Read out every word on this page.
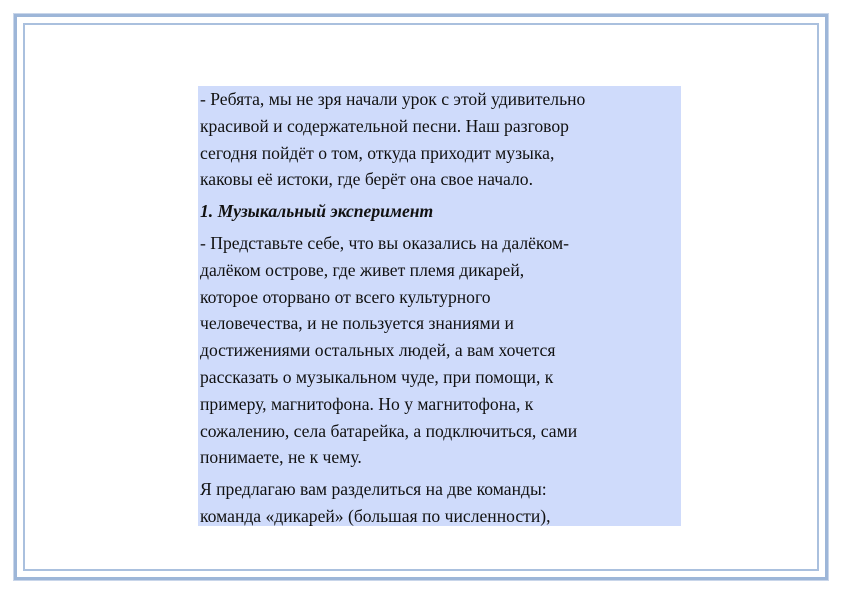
- Ребята, мы не зря начали урок с этой удивительно
красивой и содержательной песни. Наш разговор
сегодня пойдёт о том, откуда приходит музыка,
каковы её истоки, где берёт она свое начало.

1. Музыкальный эксперимент

- Представьте себе, что вы оказались на далёком-
далёком острове, где живет племя дикарей,
которое оторвано от всего культурного
человечества, и не пользуется знаниями и
достижениями остальных людей, а вам хочется
рассказать о музыкальном чуде, при помощи, к
примеру, магнитофона. Но у магнитофона, к
сожалению, села батарейка, а подключиться, сами
понимаете, не к чему.

Я предлагаю вам разделиться на две команды:
команда «дикарей» (большая по численности),
